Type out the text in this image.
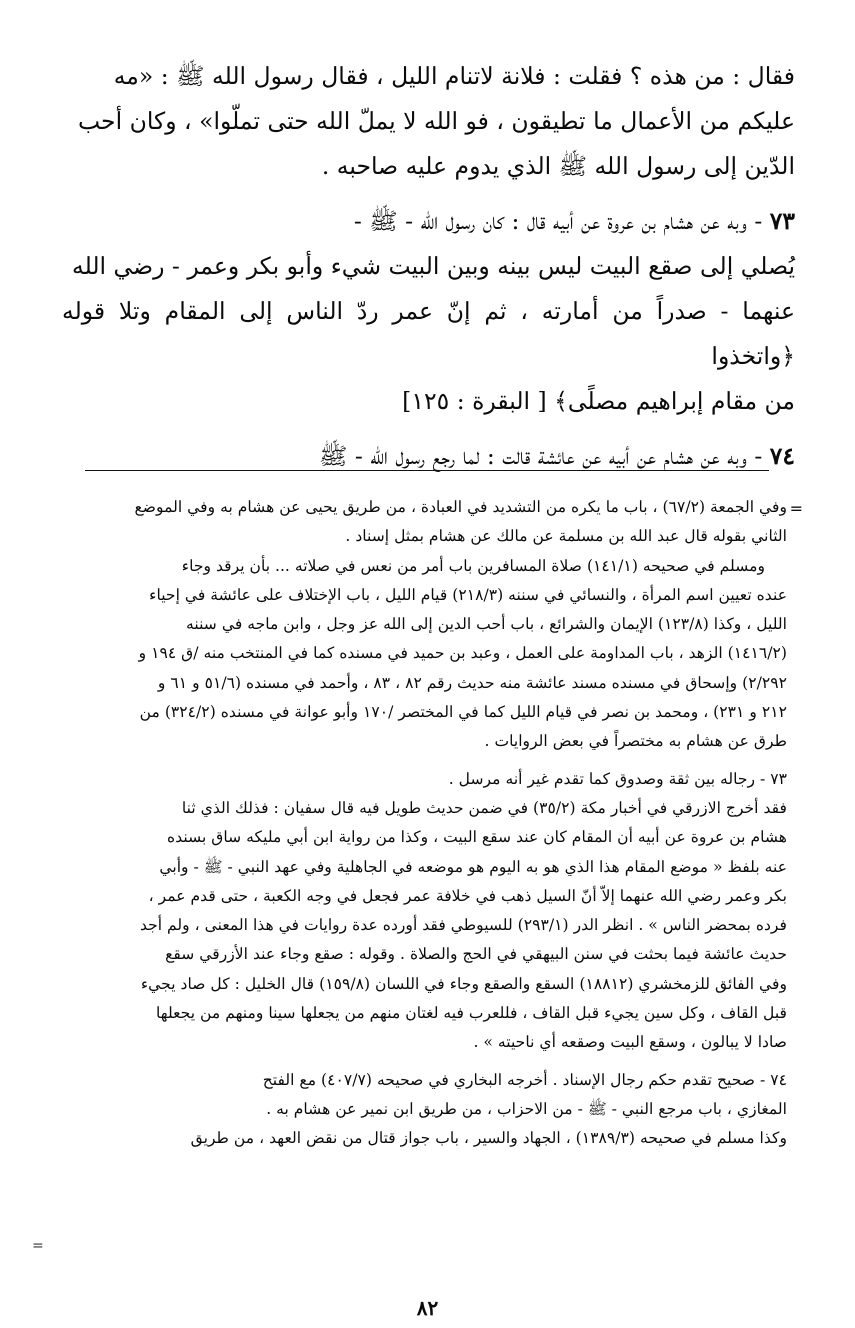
فقال : من هذه ؟ فقلت : فلانة لاتنام الليل ، فقال رسول الله ﷺ : «مه

عليكم من الأعمال ما تطيقون ، فو الله لا يملّ الله حتى تملّوا» ، وكان أحب

الدّين إلى رسول الله ﷺ الذي يدوم عليه صاحبه .

٧٣ - وبه عن هشام بن عروة عن أبيه قال : كان رسول الله - ﷺ -

يُصلي إلى صقع البيت ليس بينه وبين البيت شيء وأبو بكر وعمر - رضي الله

عنهما - صدراً من أمارته ، ثم إنّ عمر ردّ الناس إلى المقام وتلا قوله ﴿واتخذوا

من مقام إبراهيم مصلًى﴾ [ البقرة : ١٢٥]

٧٤ - وبه عن هشام عن أبيه عن عائشة قالت : لما رجع رسول الله - ﷺ

=

وفي الجمعة (٦٧/٢) ، باب ما يكره من التشديد في العبادة ، من طريق يحيى عن هشام به وفي الموضع

الثاني بقوله قال عبد الله بن مسلمة عن مالك عن هشام بمثل إسناد .

ومسلم في صحيحه (١٤١/١) صلاة المسافرين باب أمر من نعس في صلاته ... بأن يرقد وجاء

عنده تعيين اسم المرأة ، والنسائي في سننه (٢١٨/٣) قيام الليل ، باب الإختلاف على عائشة في إحياء

الليل ، وكذا (١٢٣/٨) الإيمان والشرائع ، باب أحب الدين إلى الله عز وجل ، وابن ماجه في سننه

(١٤١٦/٢) الزهد ، باب المداومة على العمل ، وعبد بن حميد في مسنده كما في المنتخب منه /ق ١٩٤ و

٢/٢٩٢) وإسحاق في مسنده مسند عائشة منه حديث رقم ٨٢ ، ٨٣ ، وأحمد في مسنده (٥١/٦ و ٦١ و

٢١٢ و ٢٣١) ، ومحمد بن نصر في قيام الليل كما في المختصر /١٧٠ وأبو عوانة في مسنده (٣٢٤/٢) من

طرق عن هشام به مختصراً في بعض الروايات .

٧٣ - رجاله بين ثقة وصدوق كما تقدم غير أنه مرسل .

فقد أخرج الازرقي في أخبار مكة (٣٥/٢) في ضمن حديث طويل فيه قال سفيان : فذلك الذي ثنا

هشام بن عروة عن أبيه أن المقام كان عند سقع البيت ، وكذا من رواية ابن أبي مليكه ساق بسنده

عنه بلفظ « موضع المقام هذا الذي هو به اليوم هو موضعه في الجاهلية وفي عهد النبي - ﷺ - وأبي

بكر وعمر رضي الله عنهما إلاّ أنّ السيل ذهب في خلافة عمر فجعل في وجه الكعبة ، حتى قدم عمر ،

فرده بمحضر الناس » . انظر الدر (٢٩٣/١) للسيوطي فقد أورده عدة روايات في هذا المعنى ، ولم أجد

حديث عائشة فيما بحثت في سنن البيهقي في الحج والصلاة . وقوله : صقع وجاء عند الأزرقي سقع

وفي الفائق للزمخشري (١٨٨١٢) السقع والصقع وجاء في اللسان (١٥٩/٨) قال الخليل : كل صاد يجيء

قبل القاف ، وكل سين يجيء قبل القاف ، فللعرب فيه لغتان منهم من يجعلها سينا ومنهم من يجعلها

صادا لا يبالون ، وسقع البيت وصقعه أي ناحيته » .

٧٤ - صحيح تقدم حكم رجال الإسناد . أخرجه البخاري في صحيحه (٤٠٧/٧) مع الفتح

المغازي ، باب مرجع النبي - ﷺ - من الاحزاب ، من طريق ابن نمير عن هشام به .

وكذا مسلم في صحيحه (١٣٨٩/٣) ، الجهاد والسير ، باب جواز قتال من نقض العهد ، من طريق

=
٨٢
